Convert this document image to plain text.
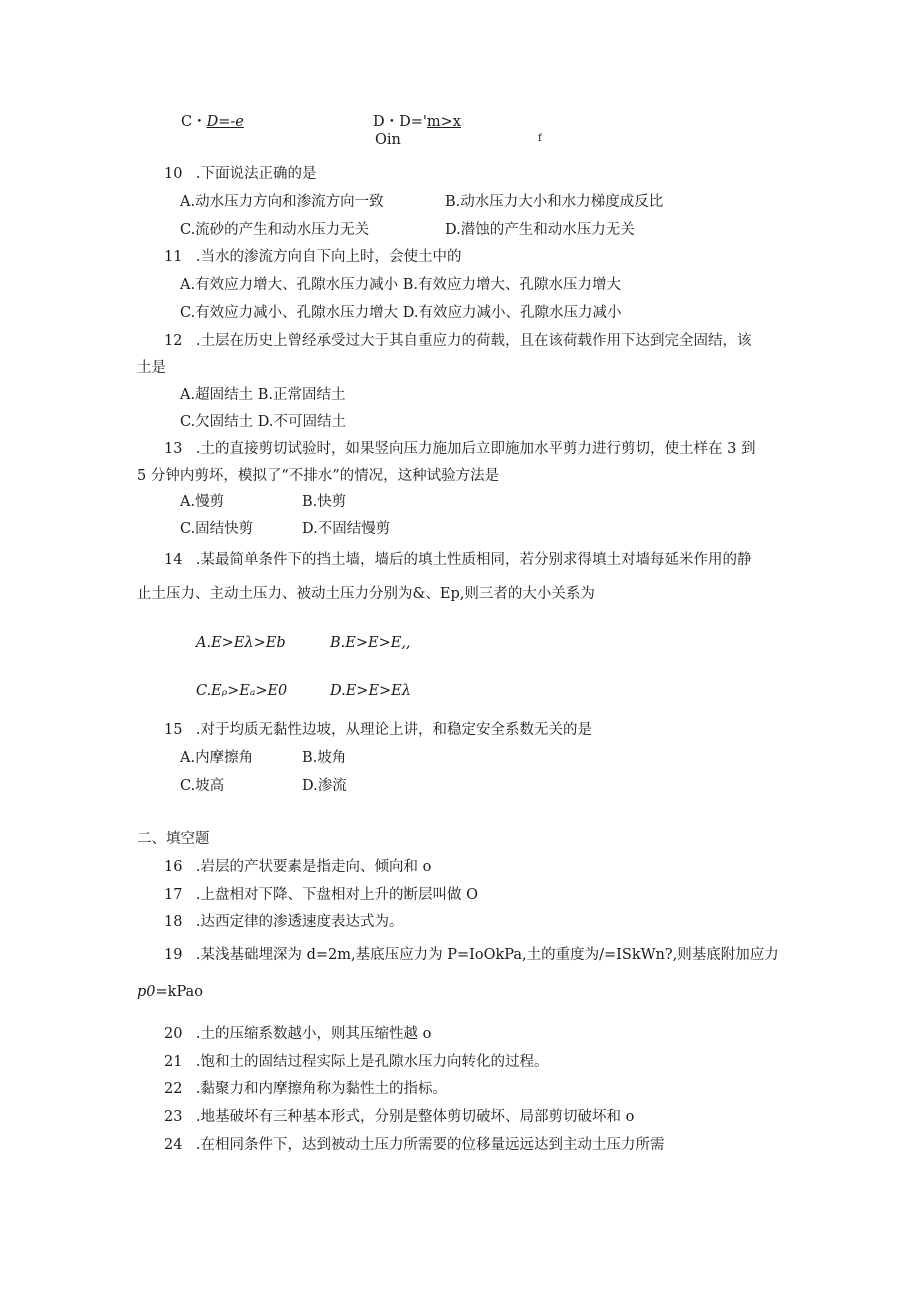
C・D=-e	D・D='m>x
Oin	f
10 .下面说法正确的是
A.动水压力方向和渗流方向一致	B.动水压力大小和水力梯度成反比
C.流砂的产生和动水压力无关	D.潜蚀的产生和动水压力无关
11 .当水的渗流方向自下向上时，会使土中的
A.有效应力增大、孔隙水压力减小 B.有效应力增大、孔隙水压力增大
C.有效应力减小、孔隙水压力增大 D.有效应力减小、孔隙水压力减小
12 .土层在历史上曾经承受过大于其自重应力的荷载，且在该荷载作用下达到完全固结，该
土是
A.超固结土 B.正常固结土
C.欠固结土 D.不可固结土
13 .土的直接剪切试验时，如果竖向压力施加后立即施加水平剪力进行剪切，使土样在 3 到
5 分钟内剪坏，模拟了“不排水”的情况，这种试验方法是
A.慢剪	B.快剪
C.固结快剪	D.不固结慢剪
14 .某最简单条件下的挡土墙，墙后的填土性质相同，若分别求得填土对墙每延米作用的静
止土压力、主动土压力、被动土压力分别为&、Ep,则三者的大小关系为
A.E>Eλ>Eb	B.E>E>E,,
C.Eᵨ>Eₐ>E0	D.E>E>Eλ
15 .对于均质无黏性边坡，从理论上讲，和稳定安全系数无关的是
A.内摩擦角	B.坡角
C.坡高	D.渗流
二、填空题
16 .岩层的产状要素是指走向、倾向和 o
17 .上盘相对下降、下盘相对上升的断层叫做 O
18 .达西定律的渗透速度表达式为。
19 .某浅基础埋深为 d=2m,基底压应力为 P=IoOkPa,土的重度为/=ISkWn?,则基底附加应力
p0=kPao
20 .土的压缩系数越小，则其压缩性越 o
21 .饱和土的固结过程实际上是孔隙水压力向转化的过程。
22 .黏聚力和内摩擦角称为黏性土的指标。
23 .地基破坏有三种基本形式，分别是整体剪切破坏、局部剪切破坏和 o
24 .在相同条件下，达到被动土压力所需要的位移量远远达到主动土压力所需
